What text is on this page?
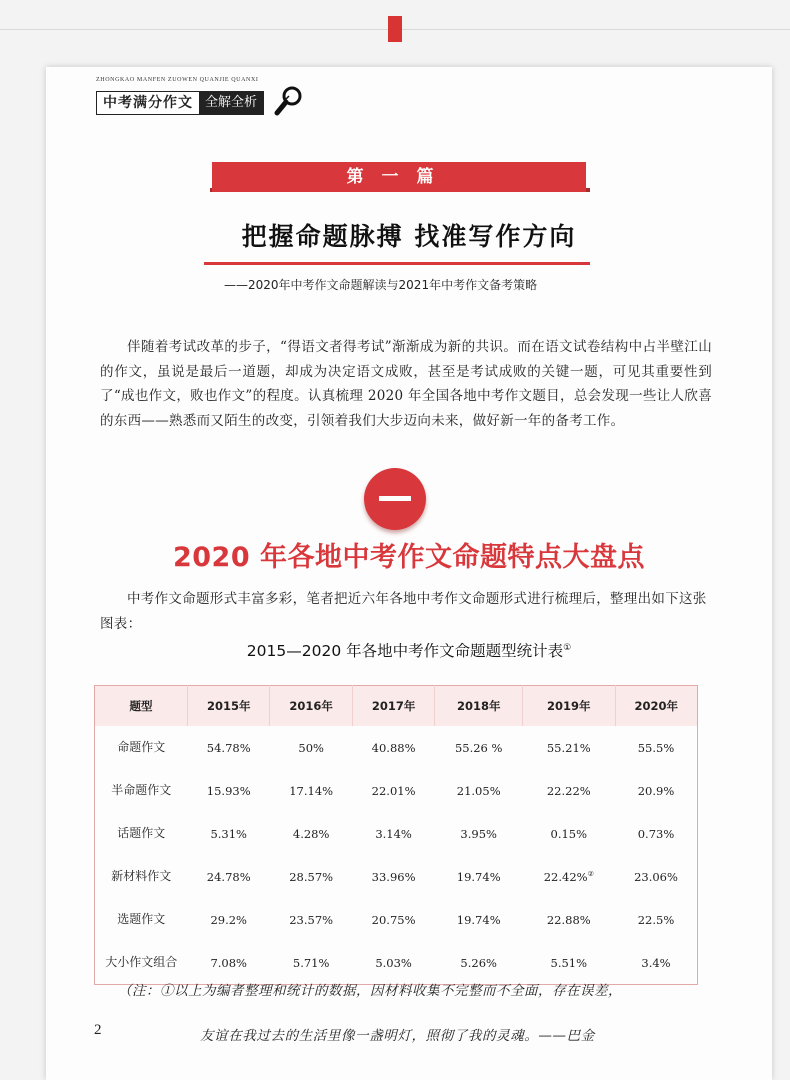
ZHONGKAO MANFEN ZUOWEN QUANJIE QUANXI
中考满分作文 全解全析
第一篇
把握命题脉搏 找准写作方向
——2020年中考作文命题解读与2021年中考作文备考策略
伴随着考试改革的步子，“得语文者得考试”渐渐成为新的共识。而在语文试卷结构中占半壁江山的作文，虽说是最后一道题，却成为决定语文成败，甚至是考试成败的关键一题，可见其重要性到了“成也作文，败也作文”的程度。认真梳理 2020 年全国各地中考作文题目，总会发现一些让人欣喜的东西——熟悉而又陌生的改变，引领着我们大步迈向未来，做好新一年的备考工作。
2020 年各地中考作文命题特点大盘点
中考作文命题形式丰富多彩，笔者把近六年各地中考作文命题形式进行梳理后，整理出如下这张图表：
2015—2020 年各地中考作文命题题型统计表①
题型	2015年	2016年	2017年	2018年	2019年	2020年
命题作文	54.78%	50%	40.88%	55.26 %	55.21%	55.5%
半命题作文	15.93%	17.14%	22.01%	21.05%	22.22%	20.9%
话题作文	5.31%	4.28%	3.14%	3.95%	0.15%	0.73%
新材料作文	24.78%	28.57%	33.96%	19.74%	22.42%②	23.06%
选题作文	29.2%	23.57%	20.75%	19.74%	22.88%	22.5%
大小作文组合	7.08%	5.71%	5.03%	5.26%	5.51%	3.4%
（注：①以上为编者整理和统计的数据，因材料收集不完整而不全面，存在误差，
2	友谊在我过去的生活里像一盏明灯，照彻了我的灵魂。——巴金
